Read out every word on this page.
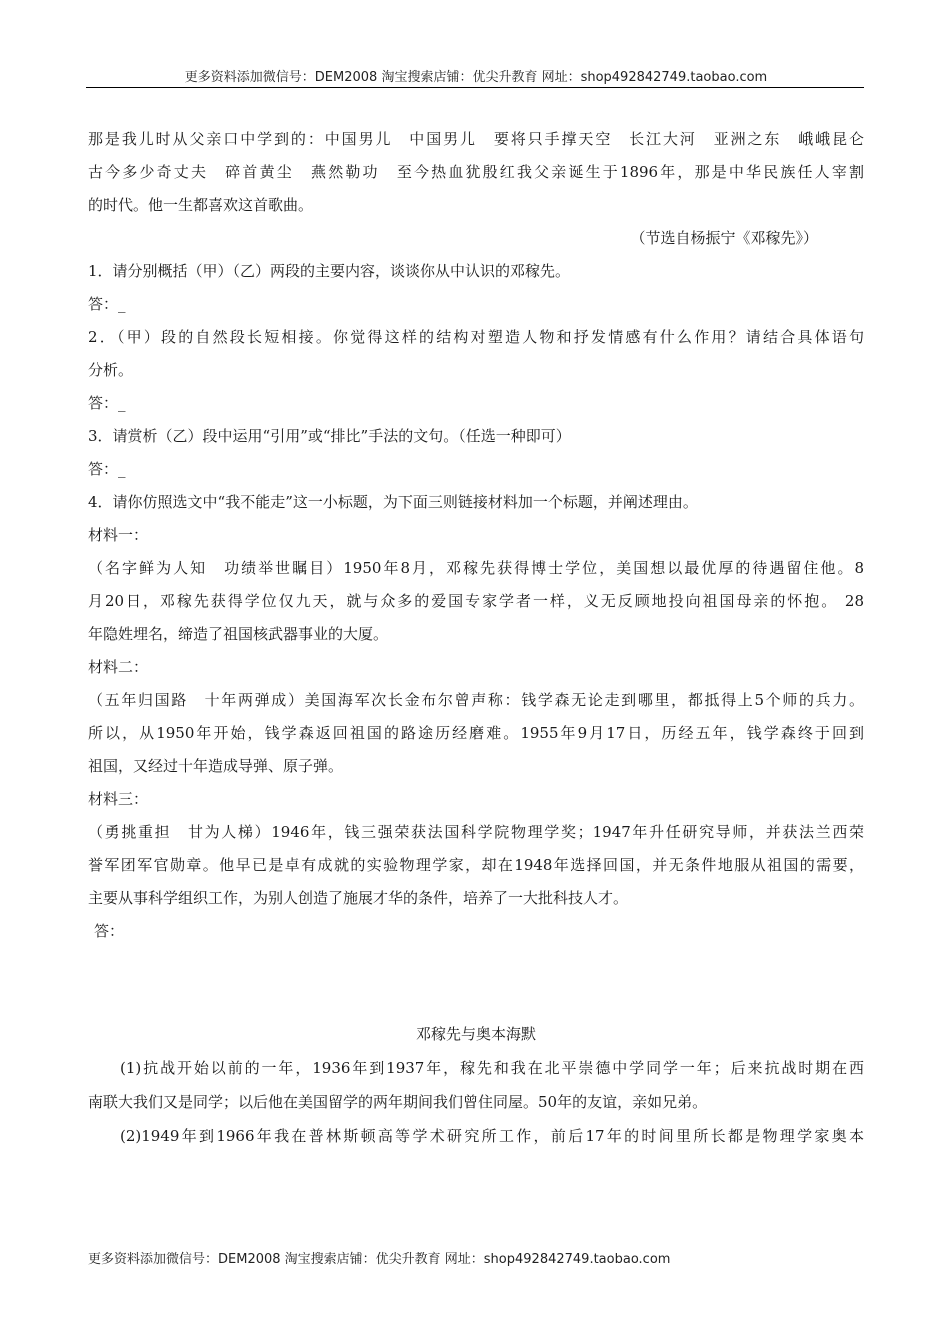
更多资料添加微信号：DEM2008 淘宝搜索店铺：优尖升教育 网址：shop492842749.taobao.com
那是我儿时从父亲口中学到的：中国男儿　中国男儿　要将只手撑天空　长江大河　亚洲之东　峨峨昆仑
古今多少奇丈夫　碎首黄尘　燕然勒功　至今热血犹殷红我父亲诞生于1896年，那是中华民族任人宰割
的时代。他一生都喜欢这首歌曲。
（节选自杨振宁《邓稼先》）
1．请分别概括（甲）（乙）两段的主要内容，谈谈你从中认识的邓稼先。
答：_
2．（甲）段的自然段长短相接。你觉得这样的结构对塑造人物和抒发情感有什么作用？请结合具体语句
分析。
答：_
3．请赏析（乙）段中运用“引用”或“排比”手法的文句。（任选一种即可）
答：_
4．请你仿照选文中“我不能走”这一小标题，为下面三则链接材料加一个标题，并阐述理由。
材料一：
（名字鲜为人知　功绩举世瞩目）1950年8月，邓稼先获得博士学位，美国想以最优厚的待遇留住他。8
月20日，邓稼先获得学位仅九天，就与众多的爱国专家学者一样，义无反顾地投向祖国母亲的怀抱。 28
年隐姓埋名，缔造了祖国核武器事业的大厦。
材料二：
（五年归国路　十年两弹成）美国海军次长金布尔曾声称：钱学森无论走到哪里，都抵得上5个师的兵力。
所以，从1950年开始，钱学森返回祖国的路途历经磨难。1955年9月17日，历经五年，钱学森终于回到
祖国，又经过十年造成导弹、原子弹。
材料三：
（勇挑重担　甘为人梯）1946年，钱三强荣获法国科学院物理学奖；1947年升任研究导师，并获法兰西荣
誉军团军官勋章。他早已是卓有成就的实验物理学家，却在1948年选择回国，并无条件地服从祖国的需要，
主要从事科学组织工作，为别人创造了施展才华的条件，培养了一大批科技人才。
答：
邓稼先与奥本海默
(1)抗战开始以前的一年，1936年到1937年，稼先和我在北平崇德中学同学一年；后来抗战时期在西
南联大我们又是同学；以后他在美国留学的两年期间我们曾住同屋。50年的友谊，亲如兄弟。
(2)1949年到1966年我在普林斯顿高等学术研究所工作，前后17年的时间里所长都是物理学家奥本
更多资料添加微信号：DEM2008 淘宝搜索店铺：优尖升教育 网址：shop492842749.taobao.com
